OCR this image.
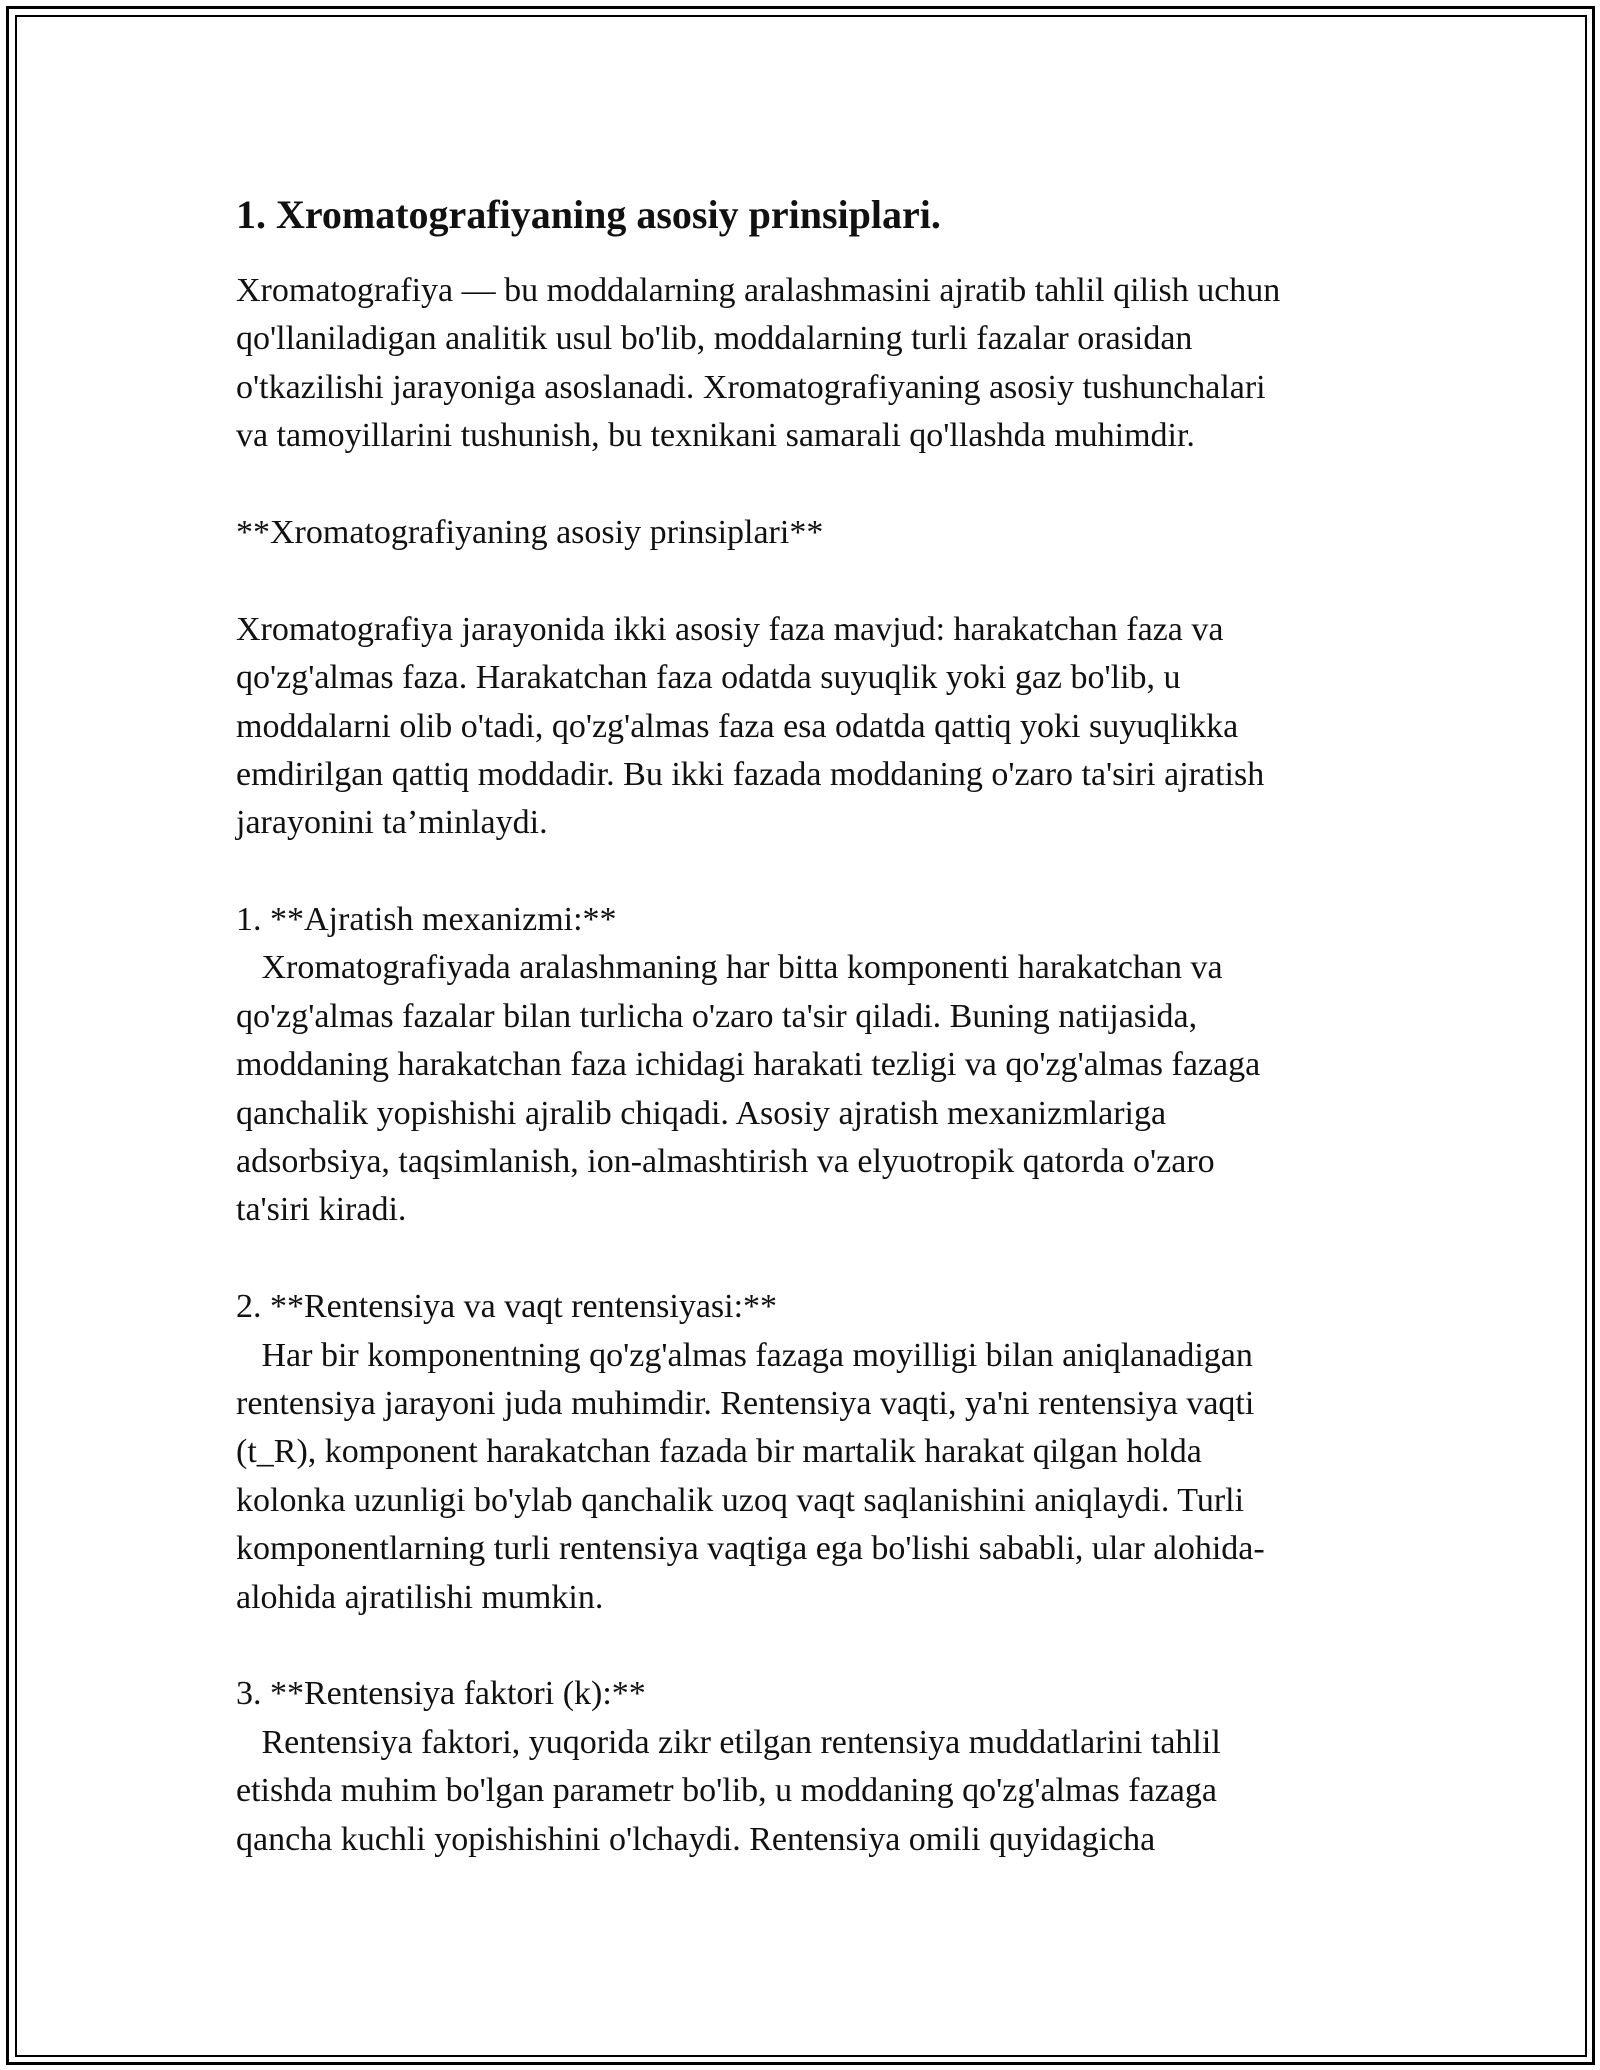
1. Xromatografiyaning asosiy prinsiplari.
Xromatografiya — bu moddalarning aralashmasini ajratib tahlil qilish uchun
qo'llaniladigan analitik usul bo'lib, moddalarning turli fazalar orasidan
o'tkazilishi jarayoniga asoslanadi. Xromatografiyaning asosiy tushunchalari
va tamoyillarini tushunish, bu texnikani samarali qo'llashda muhimdir.
**Xromatografiyaning asosiy prinsiplari**
Xromatografiya jarayonida ikki asosiy faza mavjud: harakatchan faza va
qo'zg'almas faza. Harakatchan faza odatda suyuqlik yoki gaz bo'lib, u
moddalarni olib o'tadi, qo'zg'almas faza esa odatda qattiq yoki suyuqlikka
emdirilgan qattiq moddadir. Bu ikki fazada moddaning o'zaro ta'siri ajratish
jarayonini ta’minlaydi.
1. **Ajratish mexanizmi:**
Xromatografiyada aralashmaning har bitta komponenti harakatchan va
qo'zg'almas fazalar bilan turlicha o'zaro ta'sir qiladi. Buning natijasida,
moddaning harakatchan faza ichidagi harakati tezligi va qo'zg'almas fazaga
qanchalik yopishishi ajralib chiqadi. Asosiy ajratish mexanizmlariga
adsorbsiya, taqsimlanish, ion-almashtirish va elyuotropik qatorda o'zaro
ta'siri kiradi.
2. **Rentensiya va vaqt rentensiyasi:**
Har bir komponentning qo'zg'almas fazaga moyilligi bilan aniqlanadigan
rentensiya jarayoni juda muhimdir. Rentensiya vaqti, ya'ni rentensiya vaqti
(t_R), komponent harakatchan fazada bir martalik harakat qilgan holda
kolonka uzunligi bo'ylab qanchalik uzoq vaqt saqlanishini aniqlaydi. Turli
komponentlarning turli rentensiya vaqtiga ega bo'lishi sababli, ular alohida-
alohida ajratilishi mumkin.
3. **Rentensiya faktori (k):**
Rentensiya faktori, yuqorida zikr etilgan rentensiya muddatlarini tahlil
etishda muhim bo'lgan parametr bo'lib, u moddaning qo'zg'almas fazaga
qancha kuchli yopishishini o'lchaydi. Rentensiya omili quyidagicha
